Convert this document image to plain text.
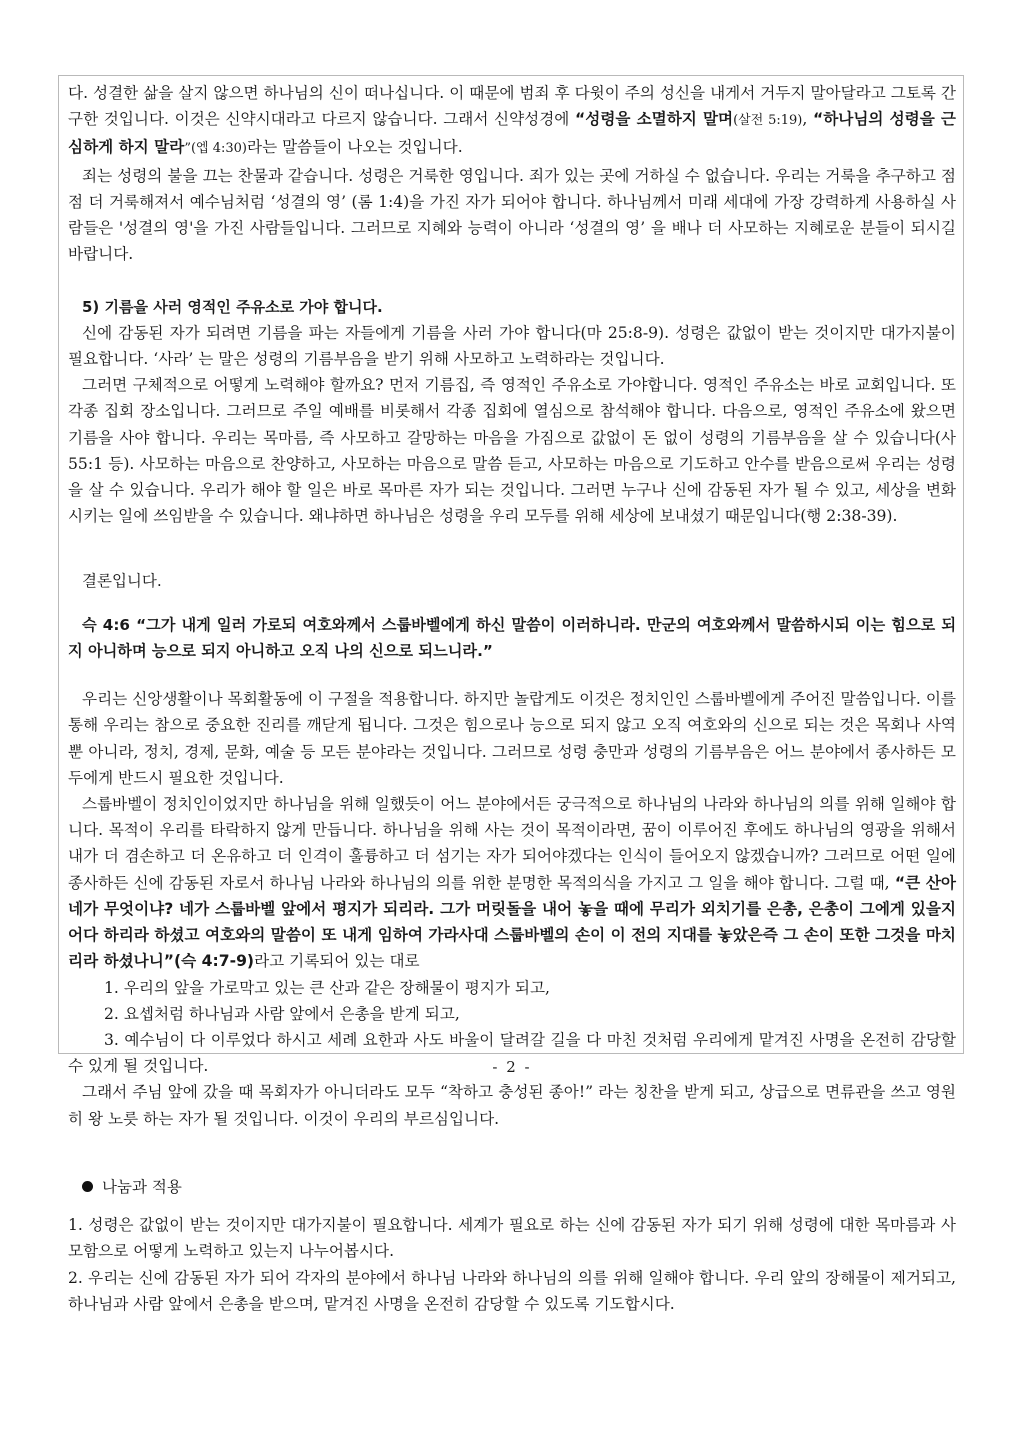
다. 성결한 삶을 살지 않으면 하나님의 신이 떠나십니다. 이 때문에 범죄 후 다윗이 주의 성신을 내게서 거두지 말아달라고 그토록 간구한 것입니다. 이것은 신약시대라고 다르지 않습니다. 그래서 신약성경에 “성령을 소멸하지 말며(살전 5:19), “하나님의 성령을 근심하게 하지 말라”(엡 4:30)라는 말씀들이 나오는 것입니다.

죄는 성령의 불을 끄는 찬물과 같습니다. 성령은 거룩한 영입니다. 죄가 있는 곳에 거하실 수 없습니다. 우리는 거룩을 추구하고 점점 더 거룩해져서 예수님처럼 ‘성결의 영’ (롬 1:4)을 가진 자가 되어야 합니다. 하나님께서 미래 세대에 가장 강력하게 사용하실 사람들은 '성결의 영'을 가진 사람들입니다. 그러므로 지혜와 능력이 아니라 ‘성결의 영’ 을 배나 더 사모하는 지혜로운 분들이 되시길 바랍니다.

5) 기름을 사러 영적인 주유소로 가야 합니다.

신에 감동된 자가 되려면 기름을 파는 자들에게 기름을 사러 가야 합니다(마 25:8-9). 성령은 값없이 받는 것이지만 대가지불이 필요합니다. ‘사라’ 는 말은 성령의 기름부음을 받기 위해 사모하고 노력하라는 것입니다.

그러면 구체적으로 어떻게 노력해야 할까요? 먼저 기름집, 즉 영적인 주유소로 가야합니다. 영적인 주유소는 바로 교회입니다. 또 각종 집회 장소입니다. 그러므로 주일 예배를 비롯해서 각종 집회에 열심으로 참석해야 합니다. 다음으로, 영적인 주유소에 왔으면 기름을 사야 합니다. 우리는 목마름, 즉 사모하고 갈망하는 마음을 가짐으로 값없이 돈 없이 성령의 기름부음을 살 수 있습니다(사 55:1 등). 사모하는 마음으로 찬양하고, 사모하는 마음으로 말씀 듣고, 사모하는 마음으로 기도하고 안수를 받음으로써 우리는 성령을 살 수 있습니다. 우리가 해야 할 일은 바로 목마른 자가 되는 것입니다. 그러면 누구나 신에 감동된 자가 될 수 있고, 세상을 변화시키는 일에 쓰임받을 수 있습니다. 왜냐하면 하나님은 성령을 우리 모두를 위해 세상에 보내셨기 때문입니다(행 2:38-39).

결론입니다.

슥 4:6 “그가 내게 일러 가로되 여호와께서 스룹바벨에게 하신 말씀이 이러하니라. 만군의 여호와께서 말씀하시되 이는 힘으로 되지 아니하며 능으로 되지 아니하고 오직 나의 신으로 되느니라.”

우리는 신앙생활이나 목회활동에 이 구절을 적용합니다. 하지만 놀랍게도 이것은 정치인인 스룹바벨에게 주어진 말씀입니다. 이를 통해 우리는 참으로 중요한 진리를 깨닫게 됩니다. 그것은 힘으로나 능으로 되지 않고 오직 여호와의 신으로 되는 것은 목회나 사역뿐 아니라, 정치, 경제, 문화, 예술 등 모든 분야라는 것입니다. 그러므로 성령 충만과 성령의 기름부음은 어느 분야에서 종사하든 모두에게 반드시 필요한 것입니다.

스룹바벨이 정치인이었지만 하나님을 위해 일했듯이 어느 분야에서든 궁극적으로 하나님의 나라와 하나님의 의를 위해 일해야 합니다. 목적이 우리를 타락하지 않게 만듭니다. 하나님을 위해 사는 것이 목적이라면, 꿈이 이루어진 후에도 하나님의 영광을 위해서 내가 더 겸손하고 더 온유하고 더 인격이 훌륭하고 더 섬기는 자가 되어야겠다는 인식이 들어오지 않겠습니까? 그러므로 어떤 일에 종사하든 신에 감동된 자로서 하나님 나라와 하나님의 의를 위한 분명한 목적의식을 가지고 그 일을 해야 합니다. 그럴 때, “큰 산아 네가 무엇이냐? 네가 스룹바벨 앞에서 평지가 되리라. 그가 머릿돌을 내어 놓을 때에 무리가 외치기를 은총, 은총이 그에게 있을지어다 하리라 하셨고 여호와의 말씀이 또 내게 임하여 가라사대 스룹바벨의 손이 이 전의 지대를 놓았은즉 그 손이 또한 그것을 마치리라 하셨나니”(슥 4:7-9)라고 기록되어 있는 대로

1. 우리의 앞을 가로막고 있는 큰 산과 같은 장해물이 평지가 되고,

2. 요셉처럼 하나님과 사람 앞에서 은총을 받게 되고,

3. 예수님이 다 이루었다 하시고 세례 요한과 사도 바울이 달려갈 길을 다 마친 것처럼 우리에게 맡겨진 사명을 온전히 감당할 수 있게 될 것입니다.

그래서 주님 앞에 갔을 때 목회자가 아니더라도 모두 “착하고 충성된 종아!” 라는 칭찬을 받게 되고, 상급으로 면류관을 쓰고 영원히 왕 노릇 하는 자가 될 것입니다. 이것이 우리의 부르심입니다.

나눔과 적용

1. 성령은 값없이 받는 것이지만 대가지불이 필요합니다. 세계가 필요로 하는 신에 감동된 자가 되기 위해 성령에 대한 목마름과 사모함으로 어떻게 노력하고 있는지 나누어봅시다.

2. 우리는 신에 감동된 자가 되어 각자의 분야에서 하나님 나라와 하나님의 의를 위해 일해야 합니다. 우리 앞의 장해물이 제거되고, 하나님과 사람 앞에서 은총을 받으며, 맡겨진 사명을 온전히 감당할 수 있도록 기도합시다.

- 2 -
